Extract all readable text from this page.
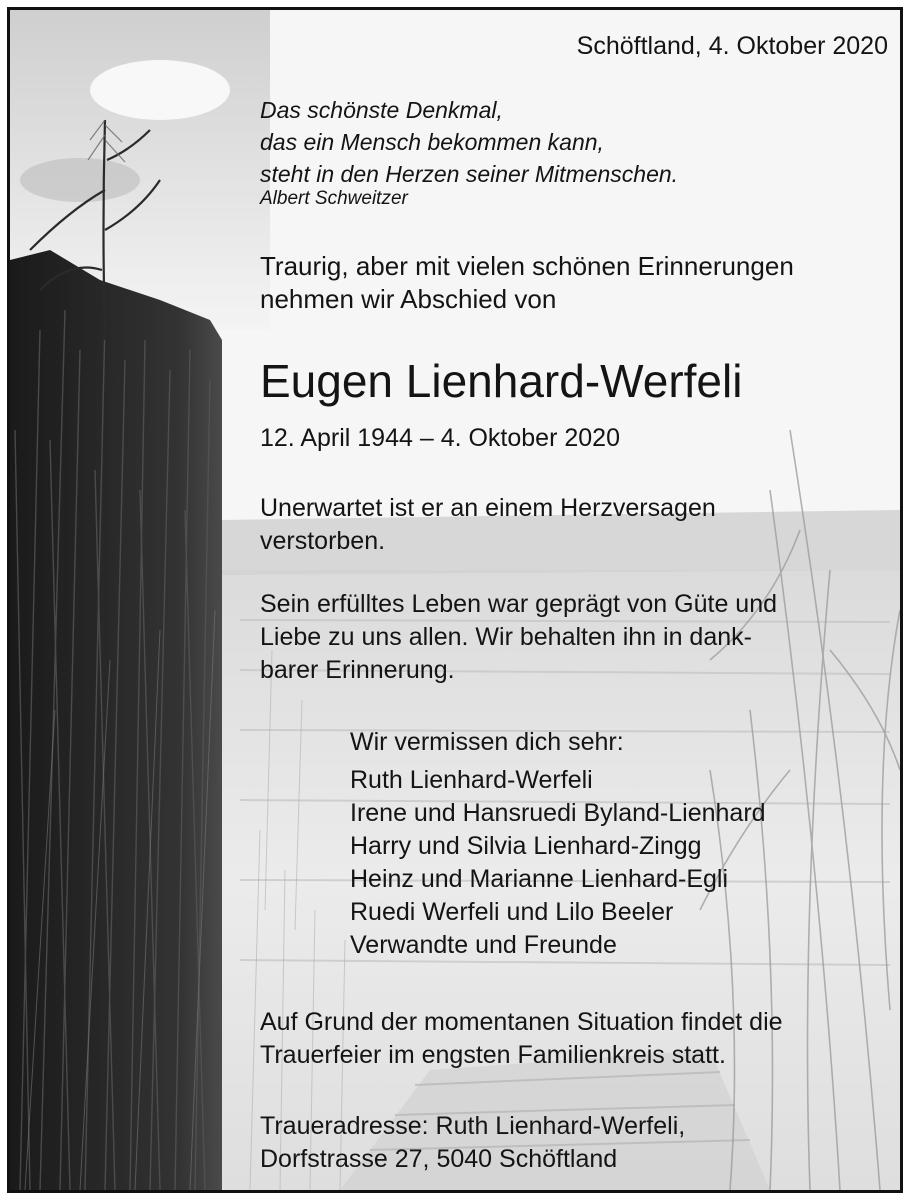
Schöftland, 4. Oktober 2020
Das schönste Denkmal,
das ein Mensch bekommen kann,
steht in den Herzen seiner Mitmenschen.
Albert Schweitzer
Traurig, aber mit vielen schönen Erinnerungen
nehmen wir Abschied von
Eugen Lienhard-Werfeli
12. April 1944 – 4. Oktober 2020
Unerwartet ist er an einem Herzversagen
verstorben.
Sein erfülltes Leben war geprägt von Güte und
Liebe zu uns allen. Wir behalten ihn in dank-
barer Erinnerung.
Wir vermissen dich sehr:
Ruth Lienhard-Werfeli
Irene und Hansruedi Byland-Lienhard
Harry und Silvia Lienhard-Zingg
Heinz und Marianne Lienhard-Egli
Ruedi Werfeli und Lilo Beeler
Verwandte und Freunde
Auf Grund der momentanen Situation findet die
Trauerfeier im engsten Familienkreis statt.
Traueradresse: Ruth Lienhard-Werfeli,
Dorfstrasse 27, 5040 Schöftland
